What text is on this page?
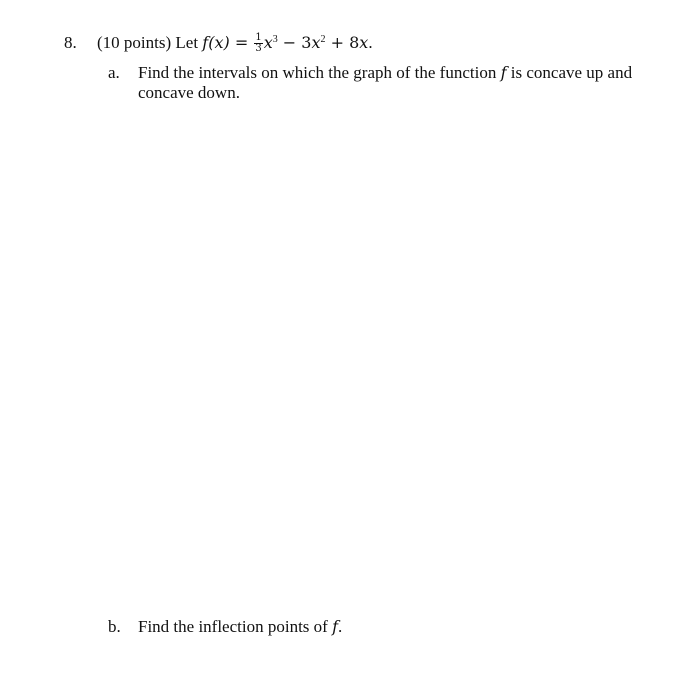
8. (10 points) Let $f(x) = \frac{1}{3} x^3 - 3x^2 + 8x$.
a. Find the intervals on which the graph of the function f is concave up and concave down.
b. Find the inflection points of f.
